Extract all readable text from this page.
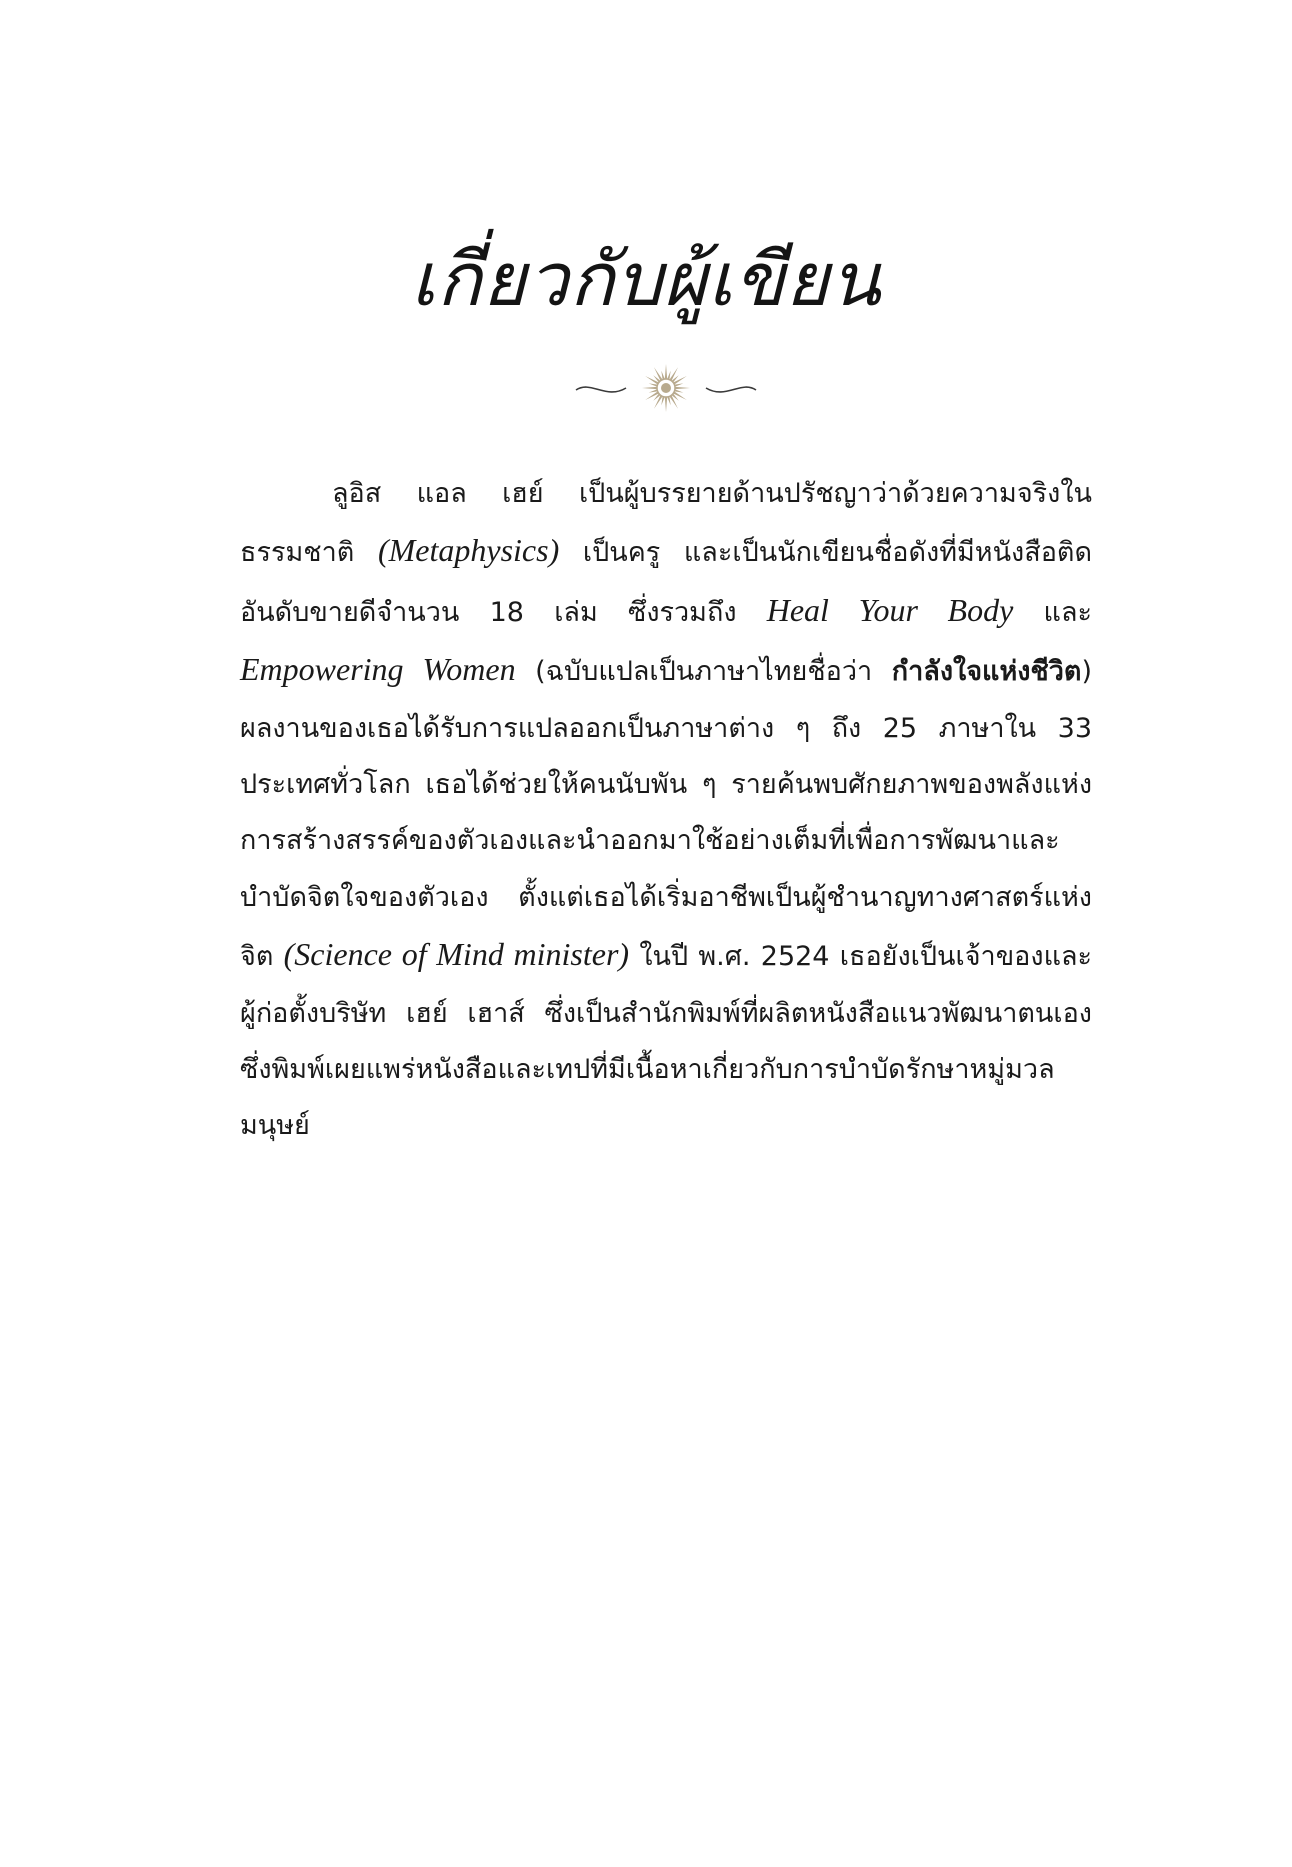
เกี่ยวกับผู้เขียน
ลูอิส แอล เฮย์ เป็นผู้บรรยายด้านปรัชญาว่าด้วยความจริงในธรรมชาติ (Metaphysics) เป็นครู และเป็นนักเขียนชื่อดังที่มีหนังสือติดอันดับขายดีจำนวน 18 เล่ม ซึ่งรวมถึง Heal Your Body และ Empowering Women (ฉบับแปลเป็นภาษาไทยชื่อว่า กำลังใจแห่งชีวิต) ผลงานของเธอได้รับการแปลออกเป็นภาษาต่าง ๆ ถึง 25 ภาษาใน 33 ประเทศทั่วโลก เธอได้ช่วยให้คนนับพัน ๆ รายค้นพบศักยภาพของพลังแห่งการสร้างสรรค์ของตัวเองและนำออกมาใช้อย่างเต็มที่เพื่อการพัฒนาและบำบัดจิตใจของตัวเอง ตั้งแต่เธอได้เริ่มอาชีพเป็นผู้ชำนาญทางศาสตร์แห่งจิต (Science of Mind minister) ในปี พ.ศ. 2524 เธอยังเป็นเจ้าของและผู้ก่อตั้งบริษัท เฮย์ เฮาส์ ซึ่งเป็นสำนักพิมพ์ที่ผลิตหนังสือแนวพัฒนาตนเอง ซึ่งพิมพ์เผยแพร่หนังสือและเทปที่มีเนื้อหาเกี่ยวกับการบำบัดรักษาหมู่มวลมนุษย์
